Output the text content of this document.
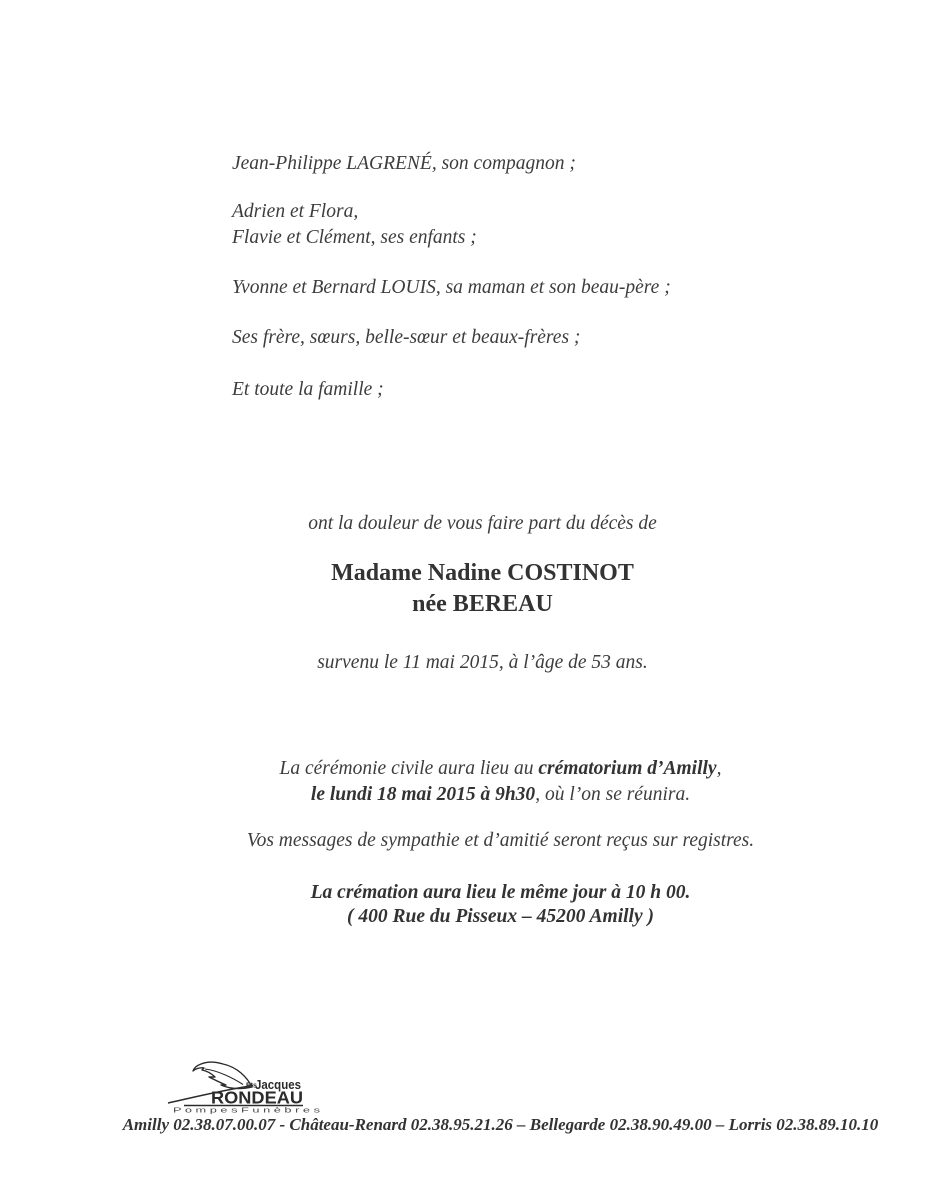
Jean-Philippe LAGRENÉ, son compagnon ;
Adrien et Flora,
Flavie et Clément, ses enfants ;
Yvonne et Bernard LOUIS, sa maman et son beau-père ;
Ses frère, sœurs, belle-sœur et beaux-frères ;
Et toute la famille ;
ont la douleur de vous faire part du décès de
Madame Nadine COSTINOT
née BEREAU
survenu le 11 mai 2015, à l’âge de 53 ans.
La cérémonie civile aura lieu au crématorium d’Amilly,
le lundi 18 mai 2015 à 9h30, où l’on se réunira.
Vos messages de sympathie et d’amitié seront reçus sur registres.
La crémation aura lieu le même jour à 10 h 00.
( 400 Rue du Pisseux – 45200 Amilly )
Ets
Jacques
RONDEAU
P o m p e s F u n è b r e s
Amilly 02.38.07.00.07 - Château-Renard 02.38.95.21.26 – Bellegarde 02.38.90.49.00 – Lorris 02.38.89.10.10
